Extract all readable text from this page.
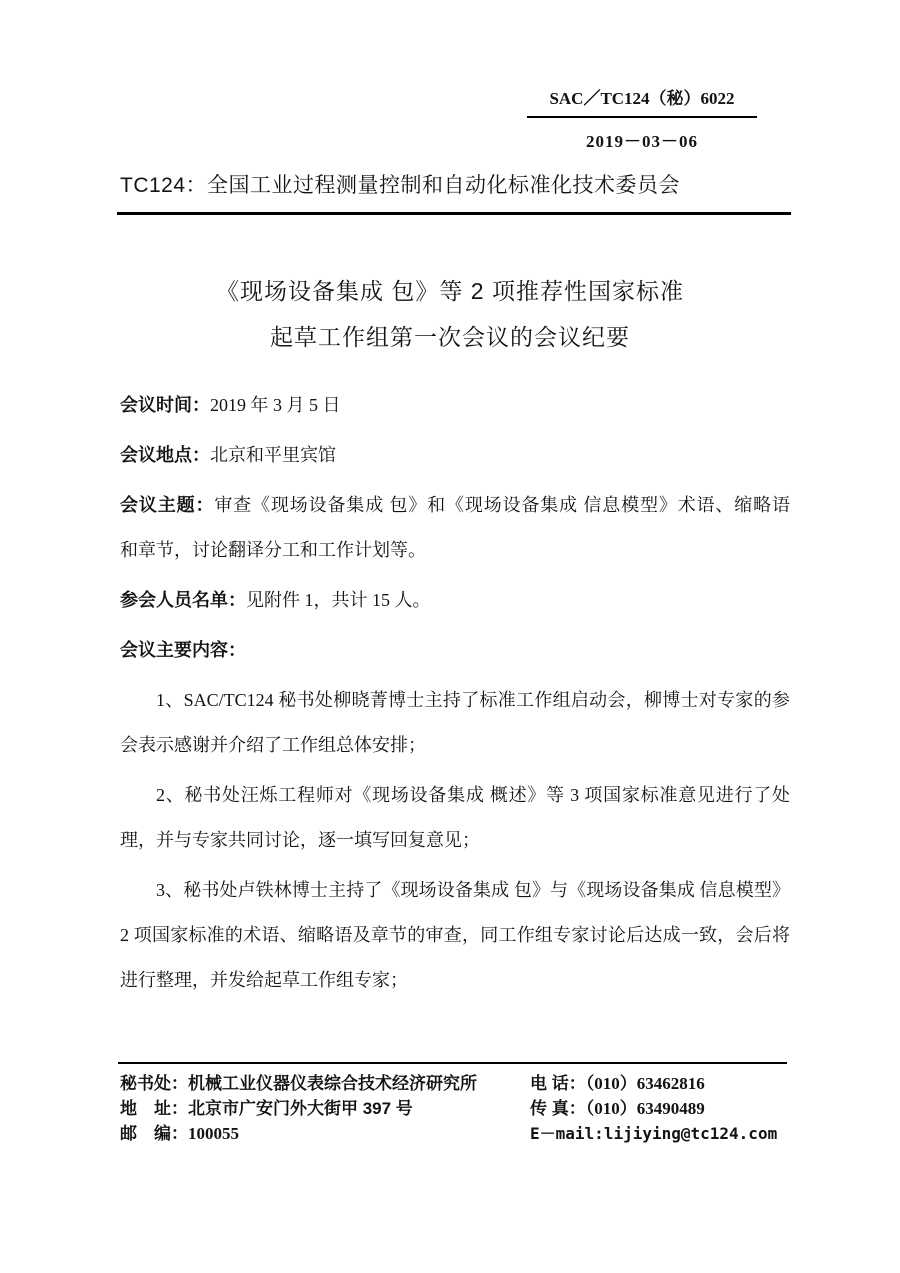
SAC／TC124（秘）6022
2019－03－06
TC124：全国工业过程测量控制和自动化标准化技术委员会
《现场设备集成 包》等 2 项推荐性国家标准
起草工作组第一次会议的会议纪要
会议时间：2019 年 3 月 5 日
会议地点：北京和平里宾馆
会议主题：审查《现场设备集成 包》和《现场设备集成 信息模型》术语、缩略语
和章节，讨论翻译分工和工作计划等。
参会人员名单：见附件 1，共计 15 人。
会议主要内容：
1、SAC/TC124 秘书处柳晓菁博士主持了标准工作组启动会，柳博士对专家的参
会表示感谢并介绍了工作组总体安排；
2、秘书处汪烁工程师对《现场设备集成 概述》等 3 项国家标准意见进行了处
理，并与专家共同讨论，逐一填写回复意见；
3、秘书处卢铁林博士主持了《现场设备集成 包》与《现场设备集成 信息模型》
2 项国家标准的术语、缩略语及章节的审查，同工作组专家讨论后达成一致，会后将
进行整理，并发给起草工作组专家；
秘书处：机械工业仪器仪表综合技术经济研究所
地　址：北京市广安门外大街甲 397 号
邮　编：100055
电 话：（010）63462816
传 真：（010）63490489
E－mail:lijiying@tc124.com
